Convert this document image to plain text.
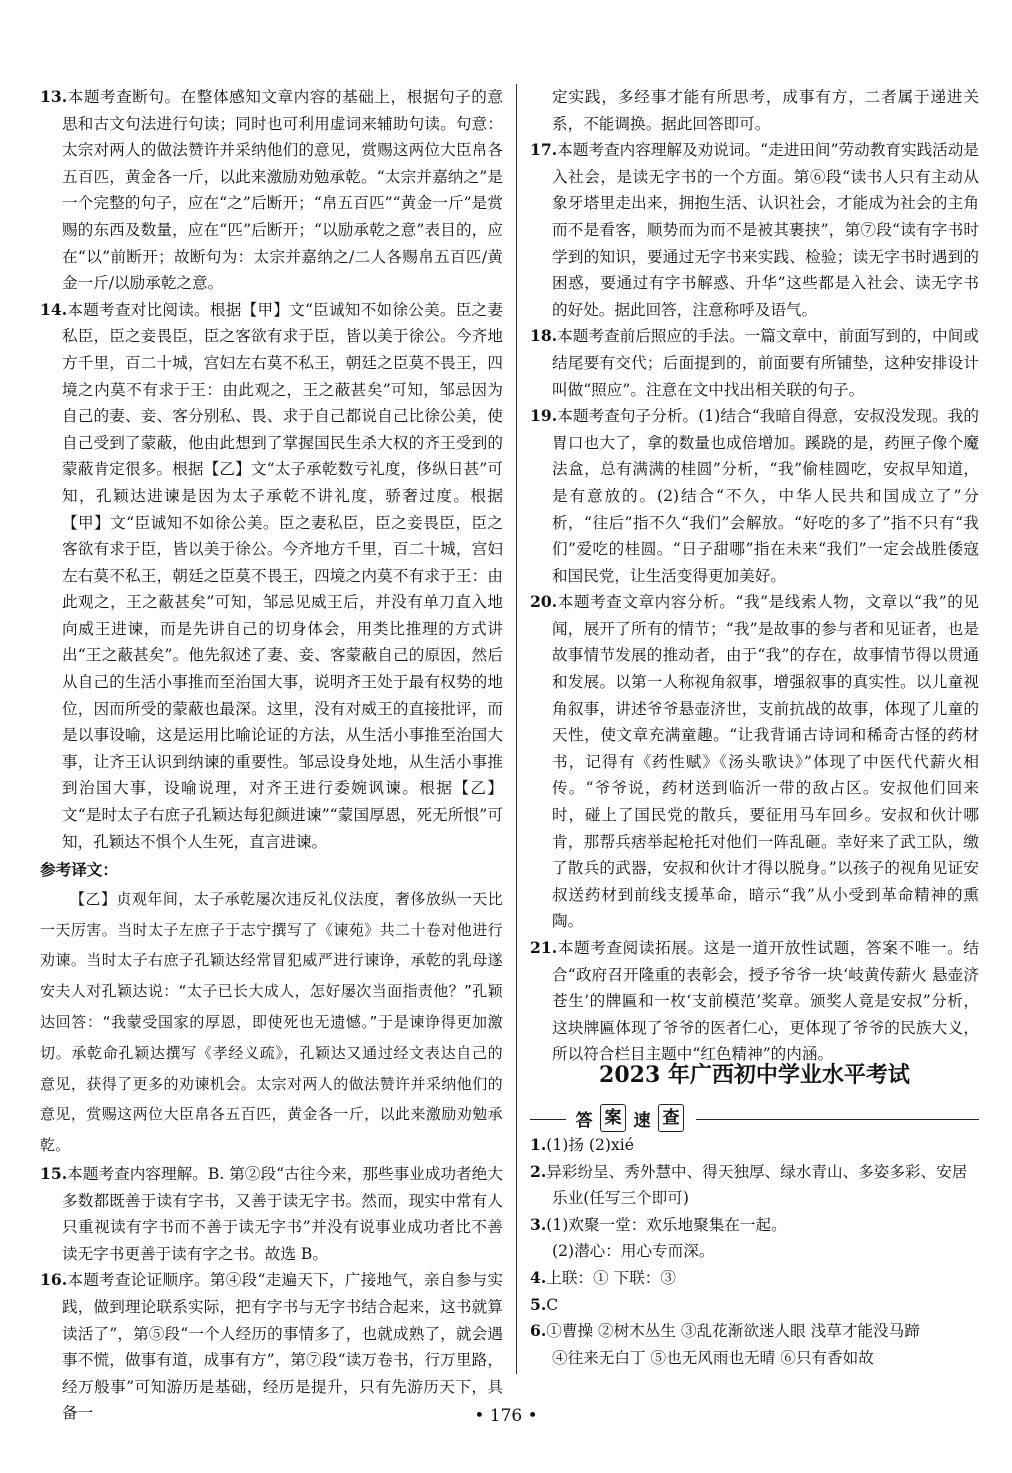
13.本题考查断句。在整体感知文章内容的基础上，根据句子的意思和古文句法进行句读；同时也可利用虚词来辅助句读。句意：太宗对两人的做法赞许并采纳他们的意见，赏赐这两位大臣帛各五百匹，黄金各一斤，以此来激励劝勉承乾。“太宗并嘉纳之”是一个完整的句子，应在“之”后断开；“帛五百匹”“黄金一斤”是赏赐的东西及数量，应在“匹”后断开；“以励承乾之意”表目的，应在“以”前断开；故断句为：太宗并嘉纳之/二人各赐帛五百匹/黄金一斤/以励承乾之意。

14.本题考查对比阅读。根据【甲】文“臣诚知不如徐公美。臣之妻私臣，臣之妾畏臣，臣之客欲有求于臣，皆以美于徐公。今齐地方千里，百二十城，宫妇左右莫不私王，朝廷之臣莫不畏王，四境之内莫不有求于王：由此观之，王之蔽甚矣”可知，邹忌因为自己的妻、妾、客分别私、畏、求于自己都说自己比徐公美，使自己受到了蒙蔽，他由此想到了掌握国民生杀大权的齐王受到的蒙蔽肯定很多。根据【乙】文“太子承乾数亏礼度，侈纵日甚”可知，孔颖达进谏是因为太子承乾不讲礼度，骄奢过度。根据【甲】文“臣诚知不如徐公美。臣之妻私臣，臣之妾畏臣，臣之客欲有求于臣，皆以美于徐公。今齐地方千里，百二十城，宫妇左右莫不私王，朝廷之臣莫不畏王，四境之内莫不有求于王：由此观之，王之蔽甚矣”可知，邹忌见威王后，并没有单刀直入地向威王进谏，而是先讲自己的切身体会，用类比推理的方式讲出“王之蔽甚矣”。他先叙述了妻、妾、客蒙蔽自己的原因，然后从自己的生活小事推而至治国大事，说明齐王处于最有权势的地位，因而所受的蒙蔽也最深。这里，没有对威王的直接批评，而是以事设喻，这是运用比喻论证的方法，从生活小事推至治国大事，让齐王认识到纳谏的重要性。邹忌设身处地，从生活小事推到治国大事，设喻说理，对齐王进行委婉讽谏。根据【乙】文“是时太子右庶子孔颖达每犯颜进谏”“蒙国厚恩，死无所恨”可知，孔颖达不惧个人生死，直言进谏。

参考译文：

【乙】贞观年间，太子承乾屡次违反礼仪法度，奢侈放纵一天比一天厉害。当时太子左庶子于志宁撰写了《谏苑》共二十卷对他进行劝谏。当时太子右庶子孔颖达经常冒犯威严进行谏诤，承乾的乳母遂安夫人对孔颖达说：“太子已长大成人，怎好屡次当面指责他？”孔颖达回答：“我蒙受国家的厚恩，即使死也无遗憾。”于是谏诤得更加激切。承乾命孔颖达撰写《孝经义疏》，孔颖达又通过经文表达自己的意见，获得了更多的劝谏机会。太宗对两人的做法赞许并采纳他们的意见，赏赐这两位大臣帛各五百匹，黄金各一斤，以此来激励劝勉承乾。

15.本题考查内容理解。B. 第②段“古往今来，那些事业成功者绝大多数都既善于读有字书，又善于读无字书。然而，现实中常有人只重视读有字书而不善于读无字书”并没有说事业成功者比不善读无字书更善于读有字之书。故选 B。

16.本题考查论证顺序。第④段“走遍天下，广接地气，亲自参与实践，做到理论联系实际，把有字书与无字书结合起来，这书就算读活了”，第⑤段“一个人经历的事情多了，也就成熟了，就会遇事不慌，做事有道，成事有方”，第⑦段“读万卷书，行万里路，经万般事”可知游历是基础，经历是提升，只有先游历天下，具备一

定实践，多经事才能有所思考，成事有方，二者属于递进关系，不能调换。据此回答即可。

17.本题考查内容理解及劝说词。“走进田间”劳动教育实践活动是入社会，是读无字书的一个方面。第⑥段“读书人只有主动从象牙塔里走出来，拥抱生活、认识社会，才能成为社会的主角而不是看客，顺势而为而不是被其裹挟”，第⑦段“读有字书时学到的知识，要通过无字书来实践、检验；读无字书时遇到的困惑，要通过有字书解惑、升华”这些都是入社会、读无字书的好处。据此回答，注意称呼及语气。

18.本题考查前后照应的手法。一篇文章中，前面写到的，中间或结尾要有交代；后面提到的，前面要有所铺垫，这种安排设计叫做“照应”。注意在文中找出相关联的句子。

19.本题考查句子分析。(1)结合“我暗自得意，安叔没发现。我的胃口也大了，拿的数量也成倍增加。蹊跷的是，药匣子像个魔法盒，总有满满的桂圆”分析，“我”偷桂圆吃，安叔早知道，是有意放的。(2)结合“不久，中华人民共和国成立了”分析，“往后”指不久“我们”会解放。“好吃的多了”指不只有“我们”爱吃的桂圆。“日子甜哪”指在未来“我们”一定会战胜倭寇和国民党，让生活变得更加美好。

20.本题考查文章内容分析。“我”是线索人物，文章以“我”的见闻，展开了所有的情节；“我”是故事的参与者和见证者，也是故事情节发展的推动者，由于“我”的存在，故事情节得以贯通和发展。以第一人称视角叙事，增强叙事的真实性。以儿童视角叙事，讲述爷爷悬壶济世，支前抗战的故事，体现了儿童的天性，使文章充满童趣。“让我背诵古诗词和稀奇古怪的药材书，记得有《药性赋》《汤头歌诀》”体现了中医代代薪火相传。“爷爷说，药材送到临沂一带的敌占区。安叔他们回来时，碰上了国民党的散兵，要征用马车回乡。安叔和伙计哪肯，那帮兵痞举起枪托对他们一阵乱砸。幸好来了武工队，缴了散兵的武器，安叔和伙计才得以脱身。”以孩子的视角见证安叔送药材到前线支援革命，暗示“我”从小受到革命精神的熏陶。

21.本题考查阅读拓展。这是一道开放性试题，答案不唯一。结合“政府召开隆重的表彰会，授予爷爷一块‘岐黄传薪火 悬壶济苍生’的牌匾和一枚‘支前模范’奖章。颁奖人竟是安叔”分析，这块牌匾体现了爷爷的医者仁心，更体现了爷爷的民族大义，所以符合栏目主题中“红色精神”的内涵。

2023 年广西初中学业水平考试
答 案 速 查

1.(1)扬 (2)xié

2.异彩纷呈、秀外慧中、得天独厚、绿水青山、多姿多彩、安居乐业(任写三个即可)

3.(1)欢聚一堂：欢乐地聚集在一起。

(2)潜心：用心专而深。

4.上联：① 下联：③

5.C

6.①曹操 ②树木丛生 ③乱花渐欲迷人眼 浅草才能没马蹄

④往来无白丁 ⑤也无风雨也无晴 ⑥只有香如故

• 176 •
